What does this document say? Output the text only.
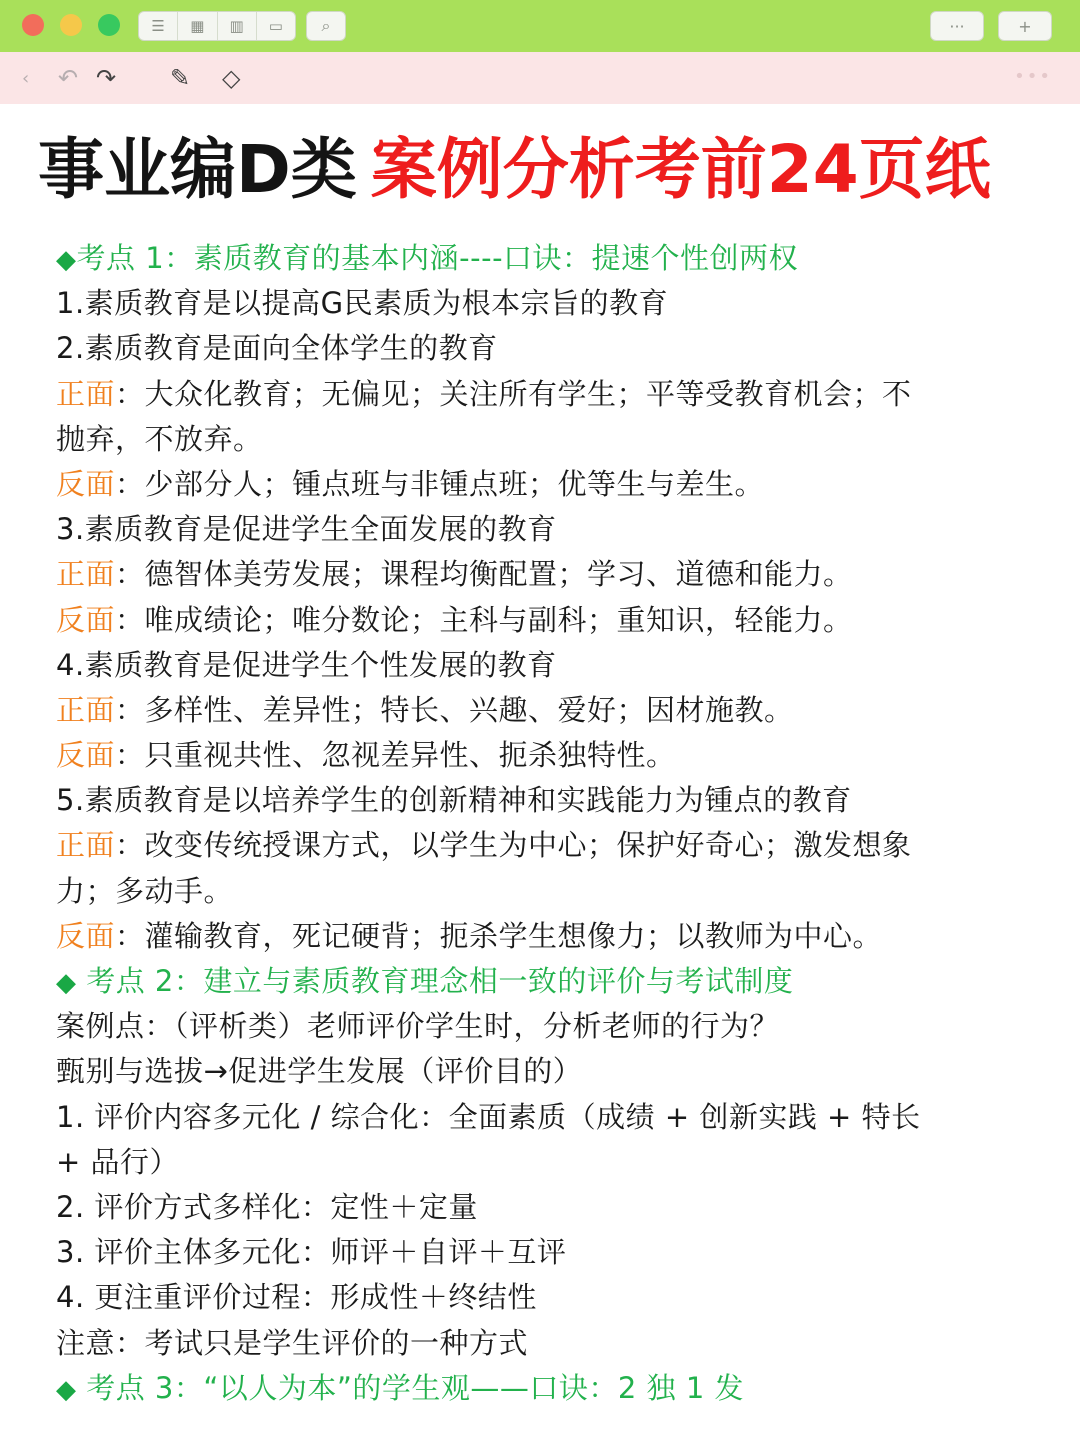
☰	▦	▥	▭	⌕	···	+
‹ ↶ ↷ ✎ ◇	•••
事业编D类 案例分析考前24页纸
◆考点 1：素质教育的基本内涵----口诀：提速个性创两权
1.素质教育是以提高G民素质为根本宗旨的教育
2.素质教育是面向全体学生的教育
正面：大众化教育；无偏见；关注所有学生；平等受教育机会；不
抛弃，不放弃。
反面：少部分人；锺点班与非锺点班；优等生与差生。
3.素质教育是促进学生全面发展的教育
正面：德智体美劳发展；课程均衡配置；学习、道德和能力。
反面：唯成绩论；唯分数论；主科与副科；重知识，轻能力。
4.素质教育是促进学生个性发展的教育
正面：多样性、差异性；特长、兴趣、爱好；因材施教。
反面：只重视共性、忽视差异性、扼杀独特性。
5.素质教育是以培养学生的创新精神和实践能力为锺点的教育
正面：改变传统授课方式，以学生为中心；保护好奇心；激发想象
力；多动手。
反面：灌输教育，死记硬背；扼杀学生想像力；以教师为中心。
◆ 考点 2：建立与素质教育理念相一致的评价与考试制度
案例点：（评析类）老师评价学生时，分析老师的行为？
甄别与选拔→促进学生发展（评价目的）
1. 评价内容多元化 / 综合化：全面素质（成绩 + 创新实践 + 特长
+ 品行）
2. 评价方式多样化：定性＋定量
3. 评价主体多元化：师评＋自评＋互评
4. 更注重评价过程：形成性＋终结性
注意：考试只是学生评价的一种方式
◆ 考点 3：“以人为本”的学生观——口诀：2 独 1 发
